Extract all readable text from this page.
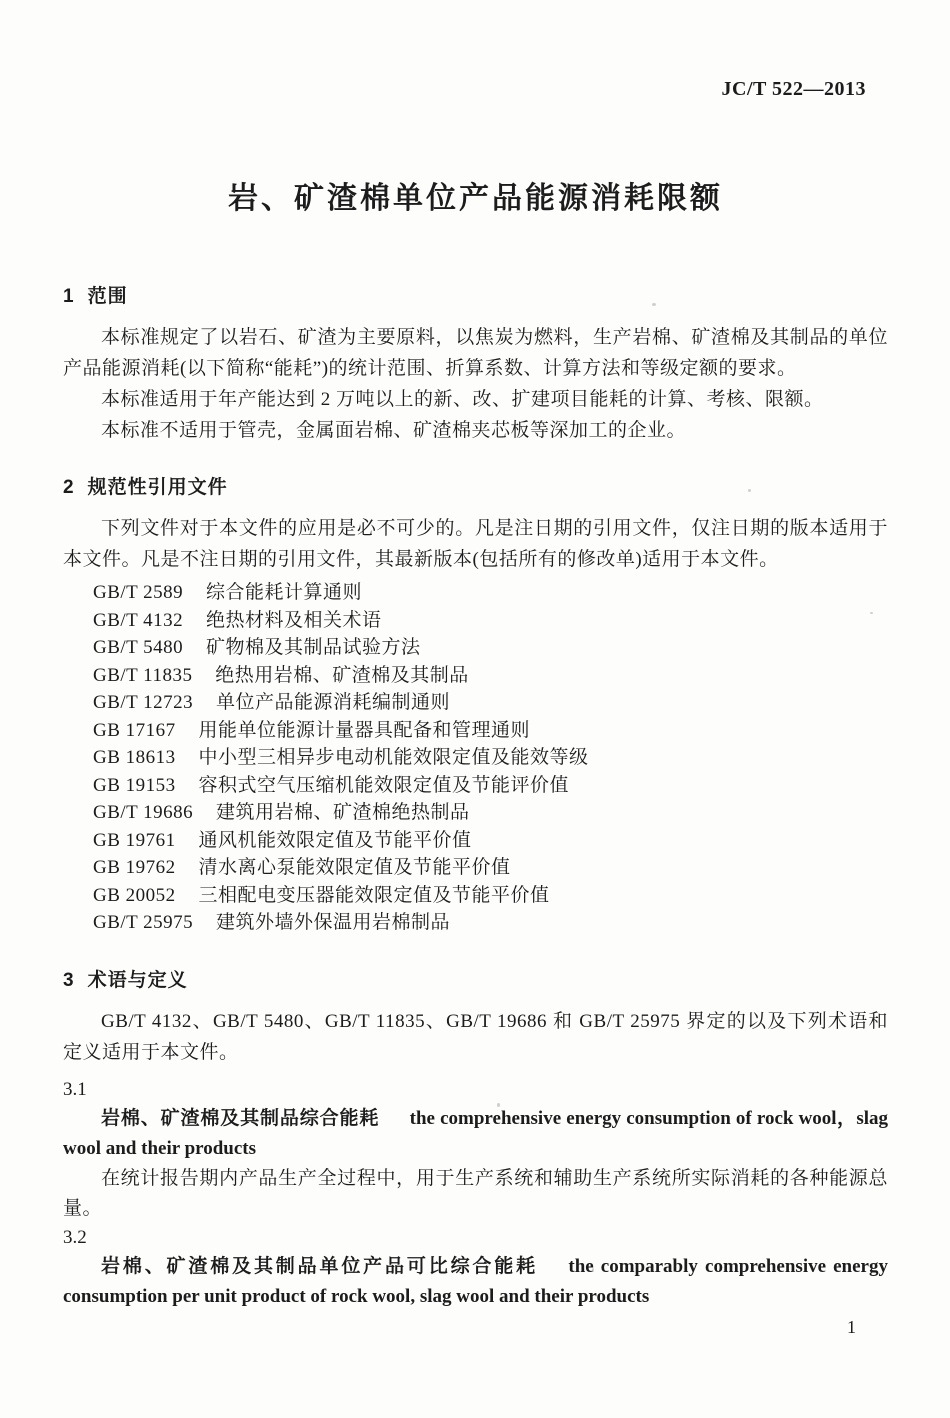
JC/T 522—2013
岩、矿渣棉单位产品能源消耗限额
1 范围

本标准规定了以岩石、矿渣为主要原料，以焦炭为燃料，生产岩棉、矿渣棉及其制品的单位产品能源消耗(以下简称“能耗”)的统计范围、折算系数、计算方法和等级定额的要求。

本标准适用于年产能达到 2 万吨以上的新、改、扩建项目能耗的计算、考核、限额。

本标准不适用于管壳，金属面岩棉、矿渣棉夹芯板等深加工的企业。

2 规范性引用文件

下列文件对于本文件的应用是必不可少的。凡是注日期的引用文件，仅注日期的版本适用于本文件。凡是不注日期的引用文件，其最新版本(包括所有的修改单)适用于本文件。

GB/T 2589 综合能耗计算通则
GB/T 4132 绝热材料及相关术语
GB/T 5480 矿物棉及其制品试验方法
GB/T 11835 绝热用岩棉、矿渣棉及其制品
GB/T 12723 单位产品能源消耗编制通则
GB 17167 用能单位能源计量器具配备和管理通则
GB 18613 中小型三相异步电动机能效限定值及能效等级
GB 19153 容积式空气压缩机能效限定值及节能评价值
GB/T 19686 建筑用岩棉、矿渣棉绝热制品
GB 19761 通风机能效限定值及节能平价值
GB 19762 清水离心泵能效限定值及节能平价值
GB 20052 三相配电变压器能效限定值及节能平价值
GB/T 25975 建筑外墙外保温用岩棉制品
3 术语与定义

GB/T 4132、GB/T 5480、GB/T 11835、GB/T 19686 和 GB/T 25975 界定的以及下列术语和定义适用于本文件。

3.1

岩棉、矿渣棉及其制品综合能耗 the comprehensive energy consumption of rock wool，slag wool and their products

在统计报告期内产品生产全过程中，用于生产系统和辅助生产系统所实际消耗的各种能源总量。

3.2

岩棉、矿渣棉及其制品单位产品可比综合能耗 the comparably comprehensive energy consumption per unit product of rock wool, slag wool and their products

1
